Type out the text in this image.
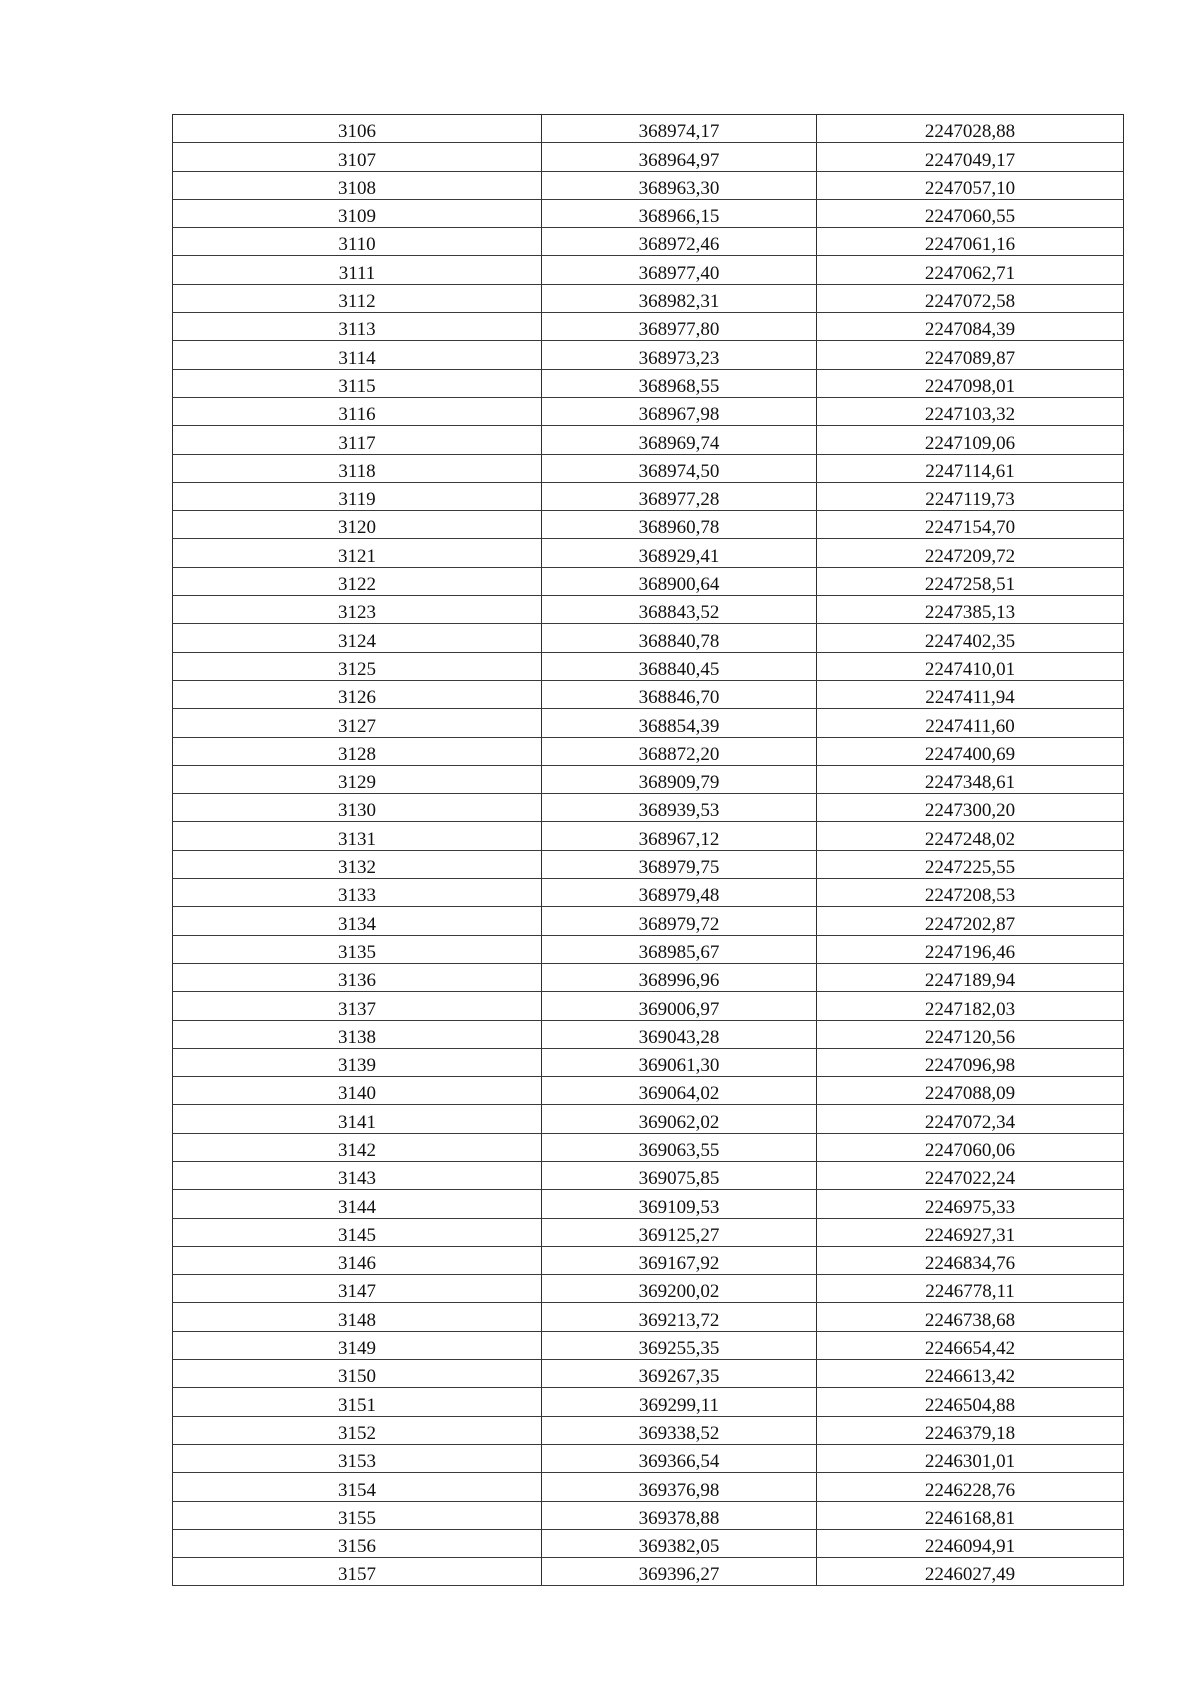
3106	368974,17	2247028,88
3107	368964,97	2247049,17
3108	368963,30	2247057,10
3109	368966,15	2247060,55
3110	368972,46	2247061,16
3111	368977,40	2247062,71
3112	368982,31	2247072,58
3113	368977,80	2247084,39
3114	368973,23	2247089,87
3115	368968,55	2247098,01
3116	368967,98	2247103,32
3117	368969,74	2247109,06
3118	368974,50	2247114,61
3119	368977,28	2247119,73
3120	368960,78	2247154,70
3121	368929,41	2247209,72
3122	368900,64	2247258,51
3123	368843,52	2247385,13
3124	368840,78	2247402,35
3125	368840,45	2247410,01
3126	368846,70	2247411,94
3127	368854,39	2247411,60
3128	368872,20	2247400,69
3129	368909,79	2247348,61
3130	368939,53	2247300,20
3131	368967,12	2247248,02
3132	368979,75	2247225,55
3133	368979,48	2247208,53
3134	368979,72	2247202,87
3135	368985,67	2247196,46
3136	368996,96	2247189,94
3137	369006,97	2247182,03
3138	369043,28	2247120,56
3139	369061,30	2247096,98
3140	369064,02	2247088,09
3141	369062,02	2247072,34
3142	369063,55	2247060,06
3143	369075,85	2247022,24
3144	369109,53	2246975,33
3145	369125,27	2246927,31
3146	369167,92	2246834,76
3147	369200,02	2246778,11
3148	369213,72	2246738,68
3149	369255,35	2246654,42
3150	369267,35	2246613,42
3151	369299,11	2246504,88
3152	369338,52	2246379,18
3153	369366,54	2246301,01
3154	369376,98	2246228,76
3155	369378,88	2246168,81
3156	369382,05	2246094,91
3157	369396,27	2246027,49
